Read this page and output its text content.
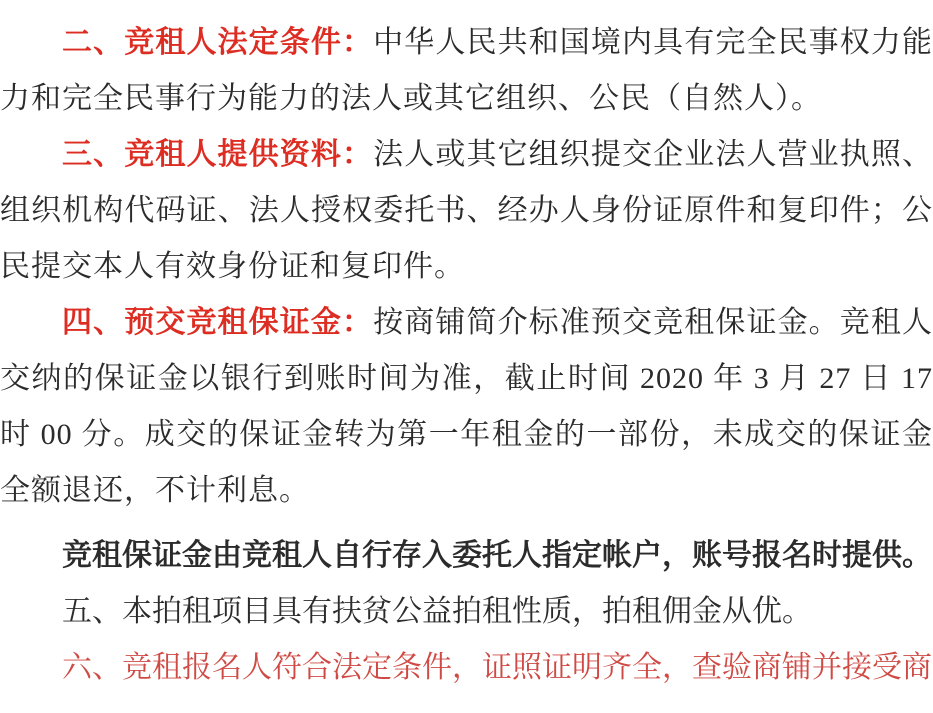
二、竞租人法定条件：中华人民共和国境内具有完全民事权力能力和完全民事行为能力的法人或其它组织、公民（自然人）。

三、竞租人提供资料：法人或其它组织提交企业法人营业执照、组织机构代码证、法人授权委托书、经办人身份证原件和复印件；公民提交本人有效身份证和复印件。

四、预交竞租保证金：按商铺简介标准预交竞租保证金。竞租人交纳的保证金以银行到账时间为准，截止时间 2020 年 3 月 27 日 17 时 00 分。成交的保证金转为第一年租金的一部份，未成交的保证金全额退还，不计利息。

竞租保证金由竞租人自行存入委托人指定帐户，账号报名时提供。

五、本拍租项目具有扶贫公益拍租性质，拍租佣金从优。

六、竞租报名人符合法定条件，证照证明齐全，查验商铺并接受商
